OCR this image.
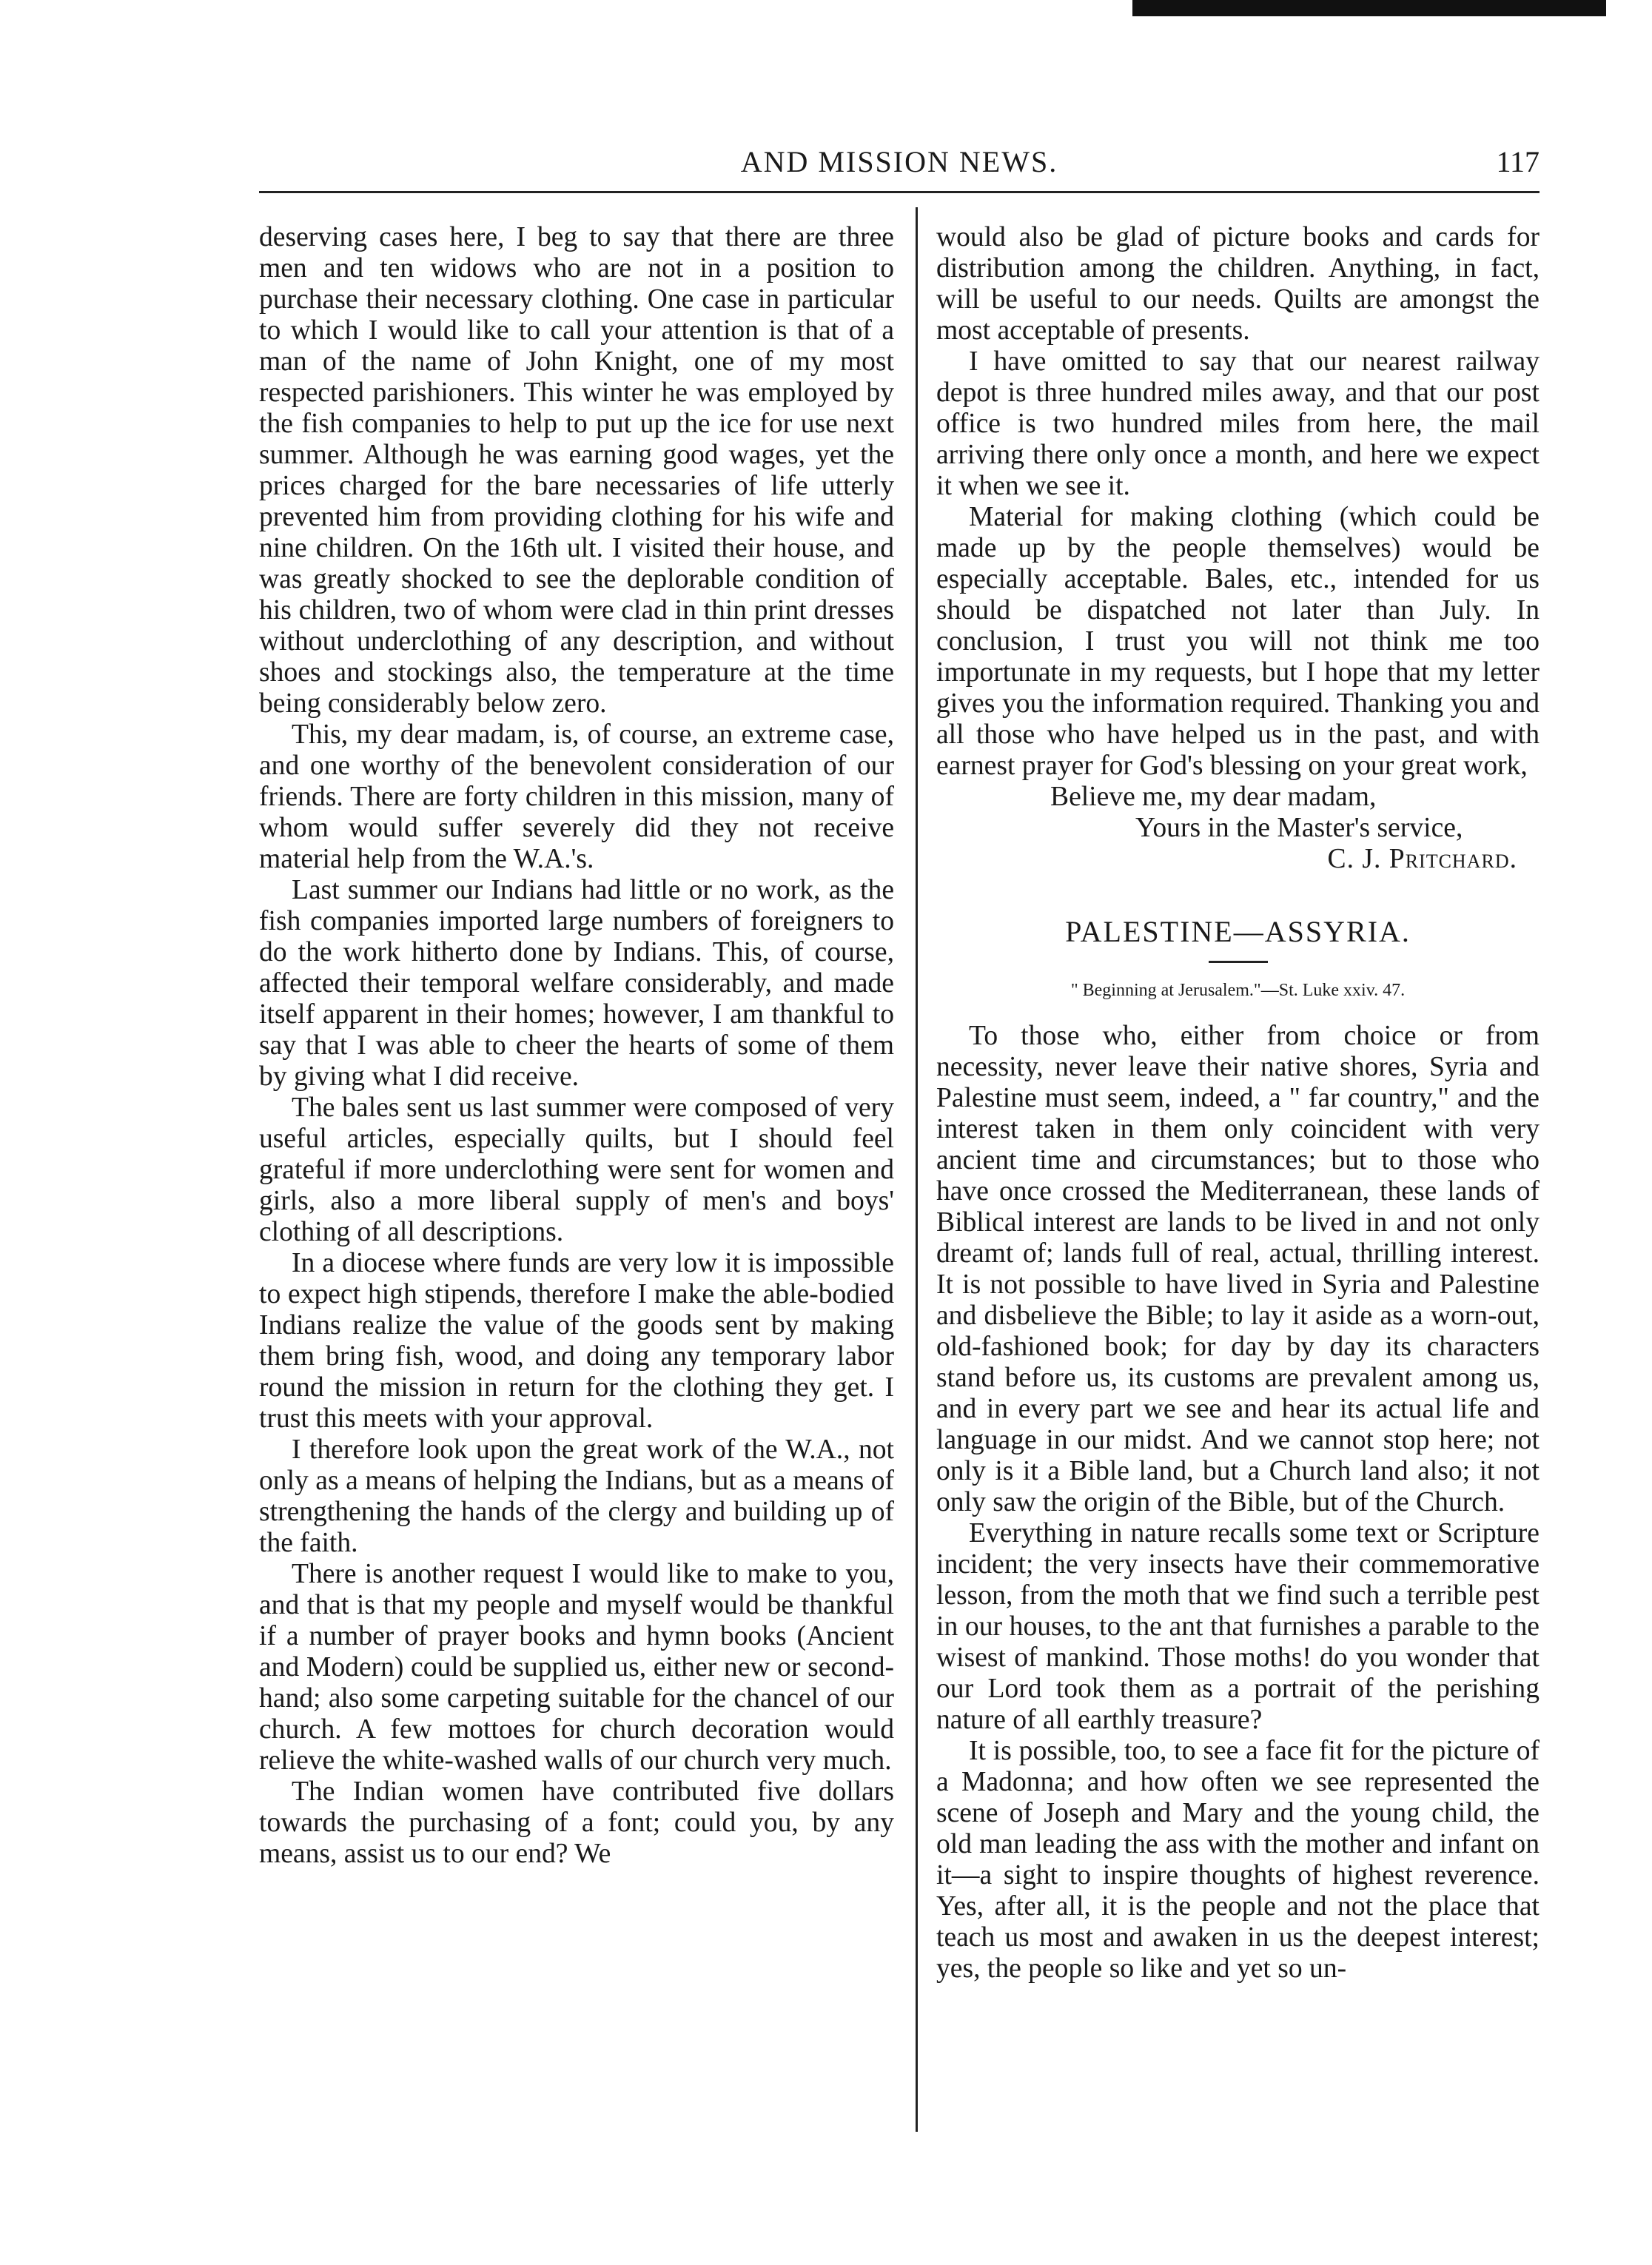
AND MISSION NEWS.	117

deserving cases here, I beg to say that there are three men and ten widows who are not in a position to purchase their necessary clothing. One case in particular to which I would like to call your attention is that of a man of the name of John Knight, one of my most respected parishioners. This winter he was employed by the fish companies to help to put up the ice for use next summer. Although he was earning good wages, yet the prices charged for the bare necessaries of life utterly prevented him from providing clothing for his wife and nine children. On the 16th ult. I visited their house, and was greatly shocked to see the deplorable condition of his children, two of whom were clad in thin print dresses without underclothing of any description, and without shoes and stockings also, the temperature at the time being considerably below zero.

This, my dear madam, is, of course, an extreme case, and one worthy of the benevolent consideration of our friends. There are forty children in this mission, many of whom would suffer severely did they not receive material help from the W.A.'s.

Last summer our Indians had little or no work, as the fish companies imported large numbers of foreigners to do the work hitherto done by Indians. This, of course, affected their temporal welfare considerably, and made itself apparent in their homes; however, I am thankful to say that I was able to cheer the hearts of some of them by giving what I did receive.

The bales sent us last summer were composed of very useful articles, especially quilts, but I should feel grateful if more underclothing were sent for women and girls, also a more liberal supply of men's and boys' clothing of all descriptions.

In a diocese where funds are very low it is impossible to expect high stipends, therefore I make the able-bodied Indians realize the value of the goods sent by making them bring fish, wood, and doing any temporary labor round the mission in return for the clothing they get. I trust this meets with your approval.

I therefore look upon the great work of the W.A., not only as a means of helping the Indians, but as a means of strengthening the hands of the clergy and building up of the faith.

There is another request I would like to make to you, and that is that my people and myself would be thankful if a number of prayer books and hymn books (Ancient and Modern) could be supplied us, either new or second-hand; also some carpeting suitable for the chancel of our church. A few mottoes for church decoration would relieve the white-washed walls of our church very much.

The Indian women have contributed five dollars towards the purchasing of a font; could you, by any means, assist us to our end? We

would also be glad of picture books and cards for distribution among the children. Anything, in fact, will be useful to our needs. Quilts are amongst the most acceptable of presents.

I have omitted to say that our nearest railway depot is three hundred miles away, and that our post office is two hundred miles from here, the mail arriving there only once a month, and here we expect it when we see it.

Material for making clothing (which could be made up by the people themselves) would be especially acceptable. Bales, etc., intended for us should be dispatched not later than July. In conclusion, I trust you will not think me too importunate in my requests, but I hope that my letter gives you the information required. Thanking you and all those who have helped us in the past, and with earnest prayer for God's blessing on your great work,

Believe me, my dear madam,

Yours in the Master's service,

C. J. Pritchard.

PALESTINE—ASSYRIA.
" Beginning at Jerusalem."—St. Luke xxiv. 47.

To those who, either from choice or from necessity, never leave their native shores, Syria and Palestine must seem, indeed, a " far country," and the interest taken in them only coincident with very ancient time and circumstances; but to those who have once crossed the Mediterranean, these lands of Biblical interest are lands to be lived in and not only dreamt of; lands full of real, actual, thrilling interest. It is not possible to have lived in Syria and Palestine and disbelieve the Bible; to lay it aside as a worn-out, old-fashioned book; for day by day its characters stand before us, its customs are prevalent among us, and in every part we see and hear its actual life and language in our midst. And we cannot stop here; not only is it a Bible land, but a Church land also; it not only saw the origin of the Bible, but of the Church.

Everything in nature recalls some text or Scripture incident; the very insects have their commemorative lesson, from the moth that we find such a terrible pest in our houses, to the ant that furnishes a parable to the wisest of mankind. Those moths! do you wonder that our Lord took them as a portrait of the perishing nature of all earthly treasure?

It is possible, too, to see a face fit for the picture of a Madonna; and how often we see represented the scene of Joseph and Mary and the young child, the old man leading the ass with the mother and infant on it—a sight to inspire thoughts of highest reverence. Yes, after all, it is the people and not the place that teach us most and awaken in us the deepest interest; yes, the people so like and yet so un-
